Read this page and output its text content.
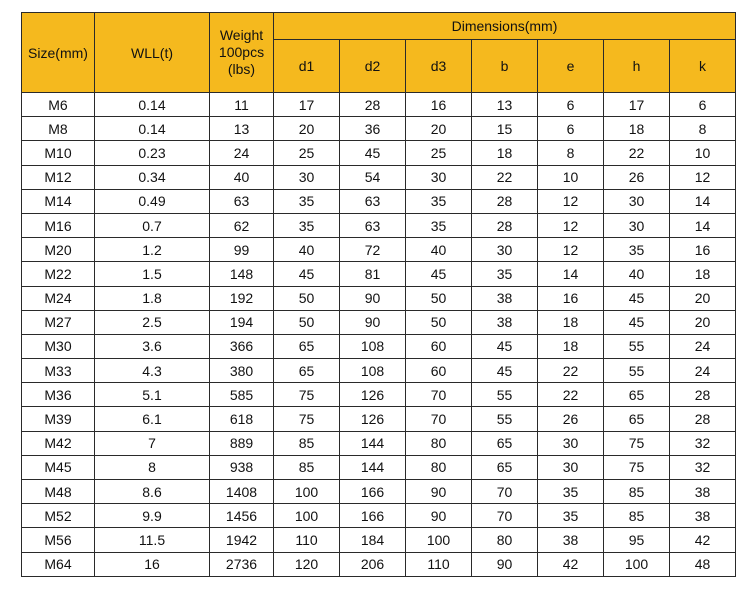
Size(mm)	WLL(t)	Weight 100pcs (lbs)	Dimensions(mm)						
			d1	d2	d3	b	e	h	k
M6	0.14	11	17	28	16	13	6	17	6
M8	0.14	13	20	36	20	15	6	18	8
M10	0.23	24	25	45	25	18	8	22	10
M12	0.34	40	30	54	30	22	10	26	12
M14	0.49	63	35	63	35	28	12	30	14
M16	0.7	62	35	63	35	28	12	30	14
M20	1.2	99	40	72	40	30	12	35	16
M22	1.5	148	45	81	45	35	14	40	18
M24	1.8	192	50	90	50	38	16	45	20
M27	2.5	194	50	90	50	38	18	45	20
M30	3.6	366	65	108	60	45	18	55	24
M33	4.3	380	65	108	60	45	22	55	24
M36	5.1	585	75	126	70	55	22	65	28
M39	6.1	618	75	126	70	55	26	65	28
M42	7	889	85	144	80	65	30	75	32
M45	8	938	85	144	80	65	30	75	32
M48	8.6	1408	100	166	90	70	35	85	38
M52	9.9	1456	100	166	90	70	35	85	38
M56	11.5	1942	110	184	100	80	38	95	42
M64	16	2736	120	206	110	90	42	100	48
